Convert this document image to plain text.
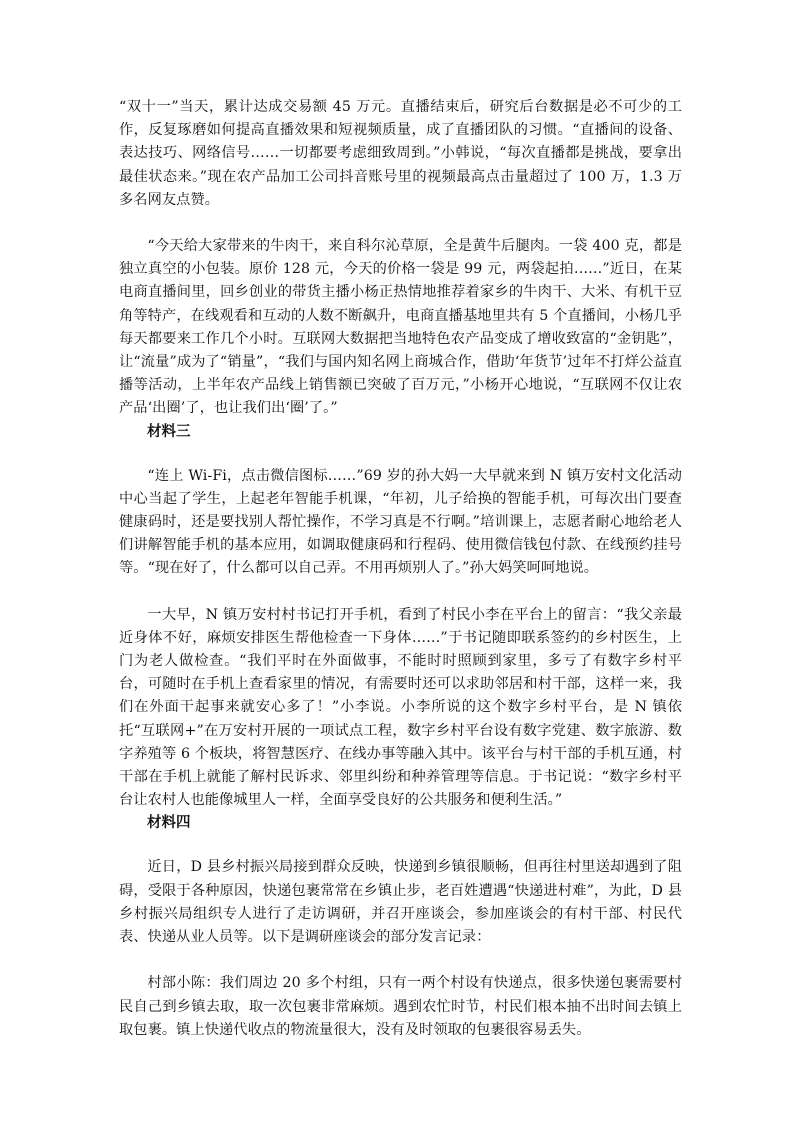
“双十一”当天，累计达成交易额 45 万元。直播结束后，研究后台数据是必不可少的工作，反复琢磨如何提高直播效果和短视频质量，成了直播团队的习惯。“直播间的设备、表达技巧、网络信号……一切都要考虑细致周到。”小韩说，“每次直播都是挑战，要拿出最佳状态来。”现在农产品加工公司抖音账号里的视频最高点击量超过了 100 万，1.3 万多名网友点赞。

“今天给大家带来的牛肉干，来自科尔沁草原，全是黄牛后腿肉。一袋 400 克，都是独立真空的小包装。原价 128 元，今天的价格一袋是 99 元，两袋起拍……”近日，在某电商直播间里，回乡创业的带货主播小杨正热情地推荐着家乡的牛肉干、大米、有机干豆角等特产，在线观看和互动的人数不断飙升，电商直播基地里共有 5 个直播间，小杨几乎每天都要来工作几个小时。互联网大数据把当地特色农产品变成了增收致富的“金钥匙”，让“流量”成为了“销量”，“我们与国内知名网上商城合作，借助‘年货节’过年不打烊公益直播等活动，上半年农产品线上销售额已突破了百万元，”小杨开心地说，“互联网不仅让农产品‘出圈’了，也让我们出‘圈’了。”

材料三

“连上 Wi-Fi，点击微信图标……”69 岁的孙大妈一大早就来到 N 镇万安村文化活动中心当起了学生，上起老年智能手机课，“年初，儿子给换的智能手机，可每次出门要查健康码时，还是要找别人帮忙操作，不学习真是不行啊。”培训课上，志愿者耐心地给老人们讲解智能手机的基本应用，如调取健康码和行程码、使用微信钱包付款、在线预约挂号等。“现在好了，什么都可以自己弄。不用再烦别人了。”孙大妈笑呵呵地说。

一大早，N 镇万安村村书记打开手机，看到了村民小李在平台上的留言：“我父亲最近身体不好，麻烦安排医生帮他检查一下身体……”于书记随即联系签约的乡村医生，上门为老人做检查。“我们平时在外面做事，不能时时照顾到家里，多亏了有数字乡村平台，可随时在手机上查看家里的情况，有需要时还可以求助邻居和村干部，这样一来，我们在外面干起事来就安心多了！”小李说。小李所说的这个数字乡村平台，是 N 镇依托“互联网+”在万安村开展的一项试点工程，数字乡村平台设有数字党建、数字旅游、数字养殖等 6 个板块，将智慧医疗、在线办事等融入其中。该平台与村干部的手机互通，村干部在手机上就能了解村民诉求、邻里纠纷和种养管理等信息。于书记说：“数字乡村平台让农村人也能像城里人一样，全面享受良好的公共服务和便利生活。”

材料四

近日，D 县乡村振兴局接到群众反映，快递到乡镇很顺畅，但再往村里送却遇到了阻碍，受限于各种原因，快递包裹常常在乡镇止步，老百姓遭遇“快递进村难”，为此，D 县乡村振兴局组织专人进行了走访调研，并召开座谈会，参加座谈会的有村干部、村民代表、快递从业人员等。以下是调研座谈会的部分发言记录：

村部小陈：我们周边 20 多个村组，只有一两个村设有快递点，很多快递包裹需要村民自己到乡镇去取，取一次包裹非常麻烦。遇到农忙时节，村民们根本抽不出时间去镇上取包裹。镇上快递代收点的物流量很大，没有及时领取的包裹很容易丢失。
